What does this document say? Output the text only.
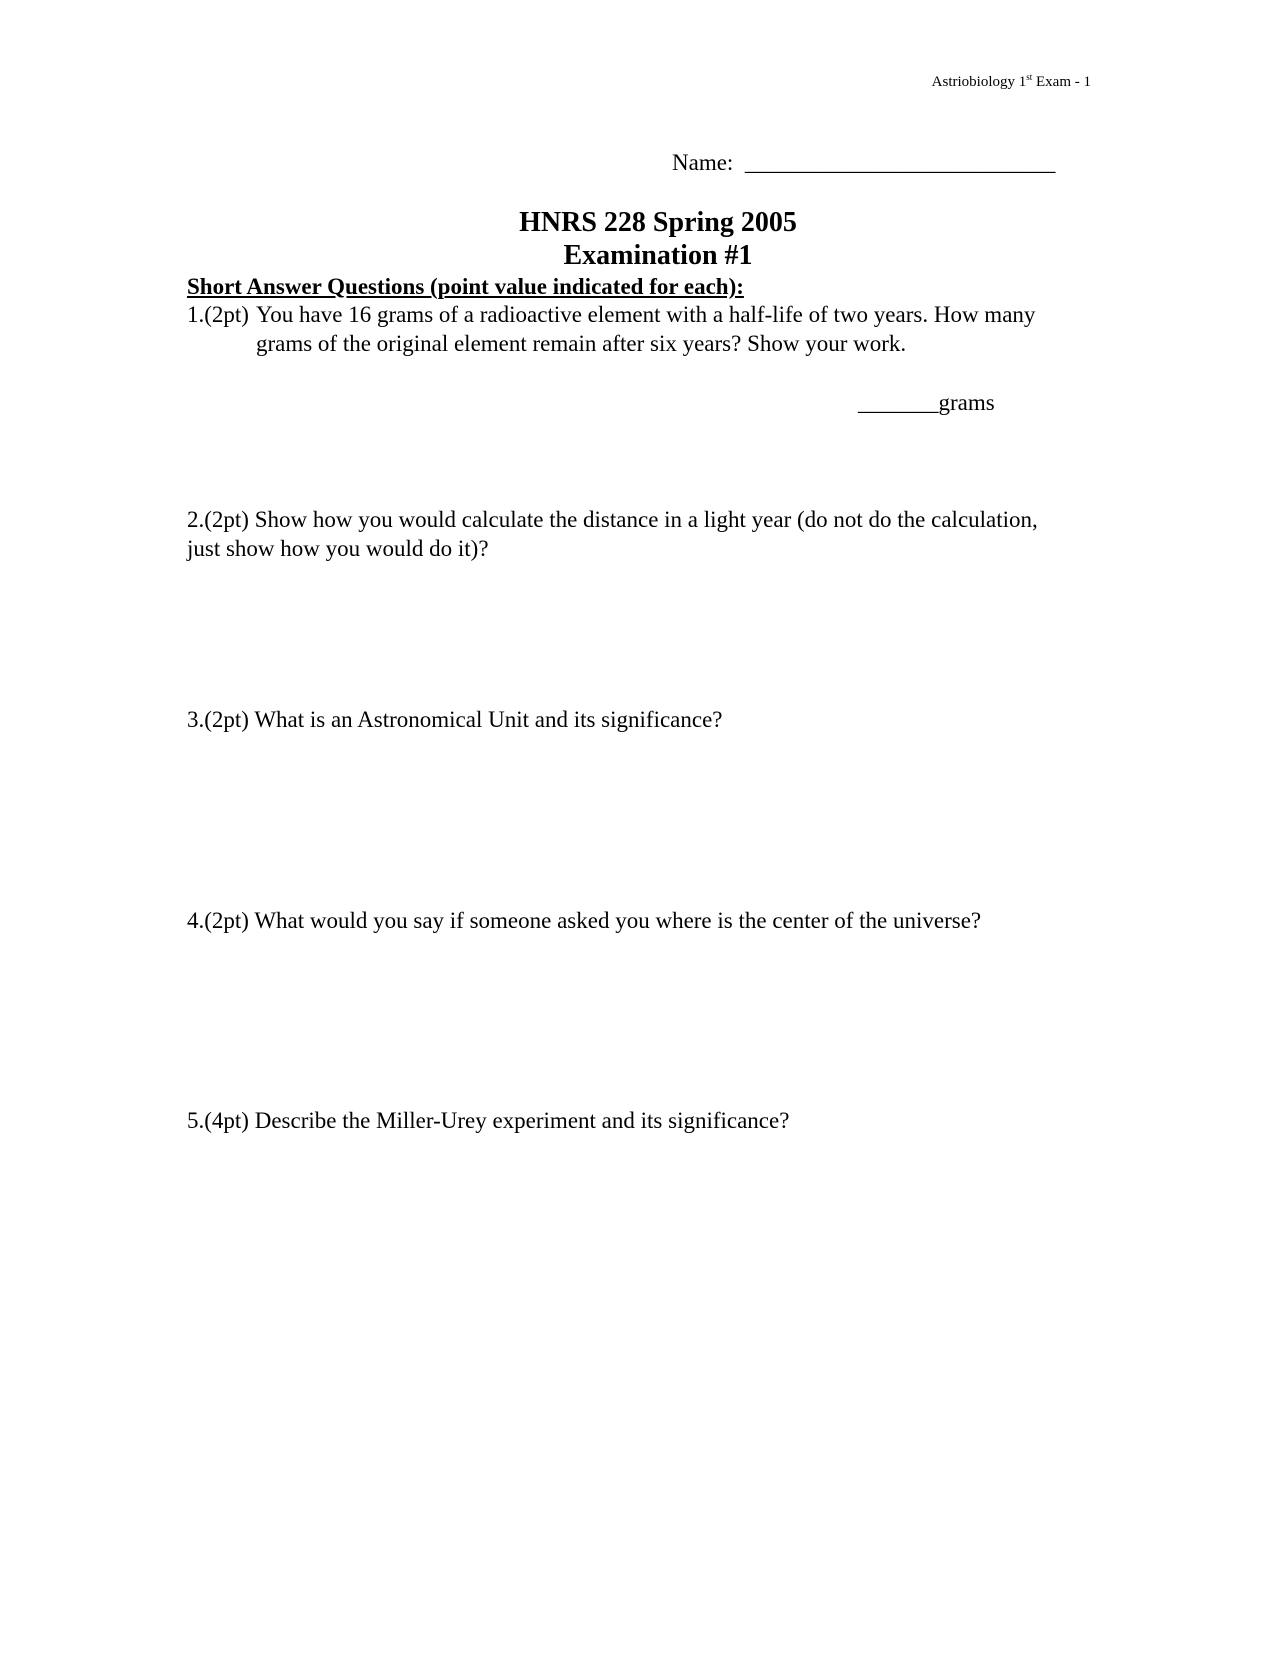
Astriobiology 1st Exam - 1
Name: ___________________________
HNRS 228 Spring 2005
Examination #1
Short Answer Questions (point value indicated for each):
1.(2pt) You have 16 grams of a radioactive element with a half-life of two years. How many grams of the original element remain after six years? Show your work.
_______grams
2.(2pt) Show how you would calculate the distance in a light year (do not do the calculation, just show how you would do it)?
3.(2pt) What is an Astronomical Unit and its significance?
4.(2pt) What would you say if someone asked you where is the center of the universe?
5.(4pt) Describe the Miller-Urey experiment and its significance?
